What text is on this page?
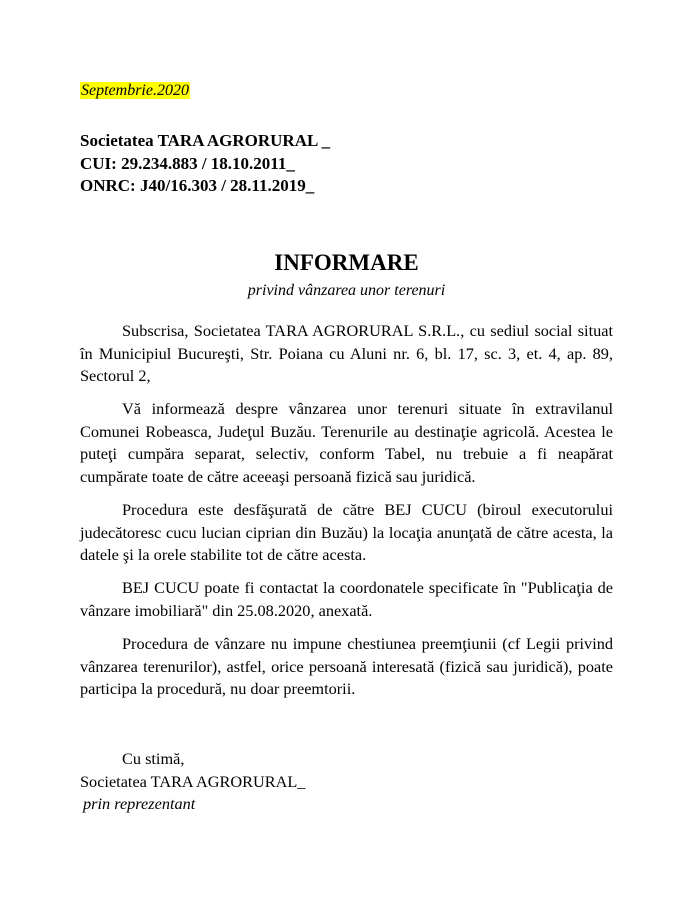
Septembrie.2020
Societatea TARA AGRORURAL _
CUI: 29.234.883 / 18.10.2011_
ONRC: J40/16.303 / 28.11.2019_
INFORMARE
privind vânzarea unor terenuri

Subscrisa, Societatea TARA AGRORURAL S.R.L., cu sediul social situat în Municipiul Bucureşti, Str. Poiana cu Aluni nr. 6, bl. 17, sc. 3, et. 4, ap. 89, Sectorul 2,

Vă informează despre vânzarea unor terenuri situate în extravilanul Comunei Robeasca, Judeţul Buzău. Terenurile au destinaţie agricolă. Acestea le puteţi cumpăra separat, selectiv, conform Tabel, nu trebuie a fi neapărat cumpărate toate de către aceeaşi persoană fizică sau juridică.

Procedura este desfăşurată de către BEJ CUCU (biroul executorului judecătoresc cucu lucian ciprian din Buzău) la locaţia anunţată de către acesta, la datele şi la orele stabilite tot de către acesta.

BEJ CUCU poate fi contactat la coordonatele specificate în "Publicaţia de vânzare imobiliară" din 25.08.2020, anexată.

Procedura de vânzare nu impune chestiunea preemţiunii (cf Legii privind vânzarea terenurilor), astfel, orice persoană interesată (fizică sau juridică), poate participa la procedură, nu doar preemtorii.

Cu stimă,
Societatea TARA AGRORURAL_
prin reprezentant
